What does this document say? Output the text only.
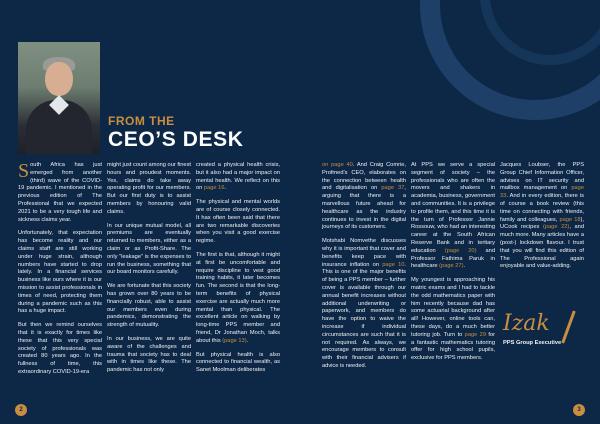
FROM THE
CEO’S DESK

South Africa has just emerged from another (third) wave of the COVID-19 pandemic. I mentioned in the previous edition of The Professional that we expected 2021 to be a very tough life and sickness claims year.

Unfortunately, that expectation has become reality and our claims staff are still working under huge strain, although numbers have started to drop lately. In a financial services business like ours where it is our mission to assist professionals in times of need, protecting them during a pandemic such as this has a huge impact.

But then we remind ourselves that it is exactly for times like these that this very special society of professionals was created 80 years ago. In the fullness of time, this extraordinary COVID-19-era

might just count among our finest hours and proudest moments. Yes, claims do take away operating profit for our members. But our first duty is to assist members by honouring valid claims.

In our unique mutual model, all premiums are eventually returned to members, either as a claim or as Profit-Share. The only “leakage” is the expenses to run the business, something that our board monitors carefully.

We are fortunate that this society has grown over 80 years to be financially robust, able to assist our members even during pandemics, demonstrating the strength of mutuality.

In our business, we are quite aware of the challenges and trauma that society has to deal with in times like these. The pandemic has not only

created a physical health crisis, but it also had a major impact on mental health. We reflect on this on page 16.

The physical and mental worlds are of course closely connected. It has often been said that there are two remarkable discoveries when you visit a good exercise regime.

The first is that, although it might at first be uncomfortable and require discipline to vest good training habits, it later becomes fun. The second is that the long-term benefits of physical exercise are actually much more mental than physical. The excellent article on walking by long-time PPS member and friend, Dr Jonathan Moch, talks about this (page 13).

But physical health is also connected to financial wealth, as Sanet Moolman deliberates

on page 40. And Craig Comrie, Profmed’s CEO, elaborates on the connection between health and digitalisation on page 37, arguing that there is a marvellous future ahead for healthcare as the industry continues to invest in the digital journeys of its customers.

Motshabi Nomvethe discusses why it is important that cover and benefits keep pace with insurance inflation on page 10. This is one of the major benefits of being a PPS member – further cover is available through our annual benefit increases without additional underwriting or paperwork, and members do have the option to waive the increase if individual circumstances are such that it is not required. As always, we encourage members to consult with their financial advisers if advice is needed.

At PPS we serve a special segment of society – the professionals who are often the movers and shakers in academia, business, government and communities. It is a privilege to profile them, and this time it is the turn of Professor Jannie Rossouw, who had an interesting career at the South African Reserve Bank and in tertiary education (page 20) and Professor Fathima Paruk in healthcare (page 27).

My youngest is approaching his matric exams and I had to tackle the odd mathematics paper with him recently because dad has some actuarial background after all! However, online tools can, these days, do a much better tutoring job. Turn to page 29 for a fantastic mathematics tutoring offer for high school pupils, exclusive for PPS members.

Jacques Loubser, the PPS Group Chief Information Officer, advises on IT security and mailbox management on page 33. And in every edition, there is of course a book review (this time on connecting with friends, family and colleagues, page 18), UCook recipes (page 22), and much more. Many articles have a (post-) lockdown flavour. I trust that you will find this edition of The Professional again enjoyable and value-adding.

Izak
PPS Group Executive
2	3
